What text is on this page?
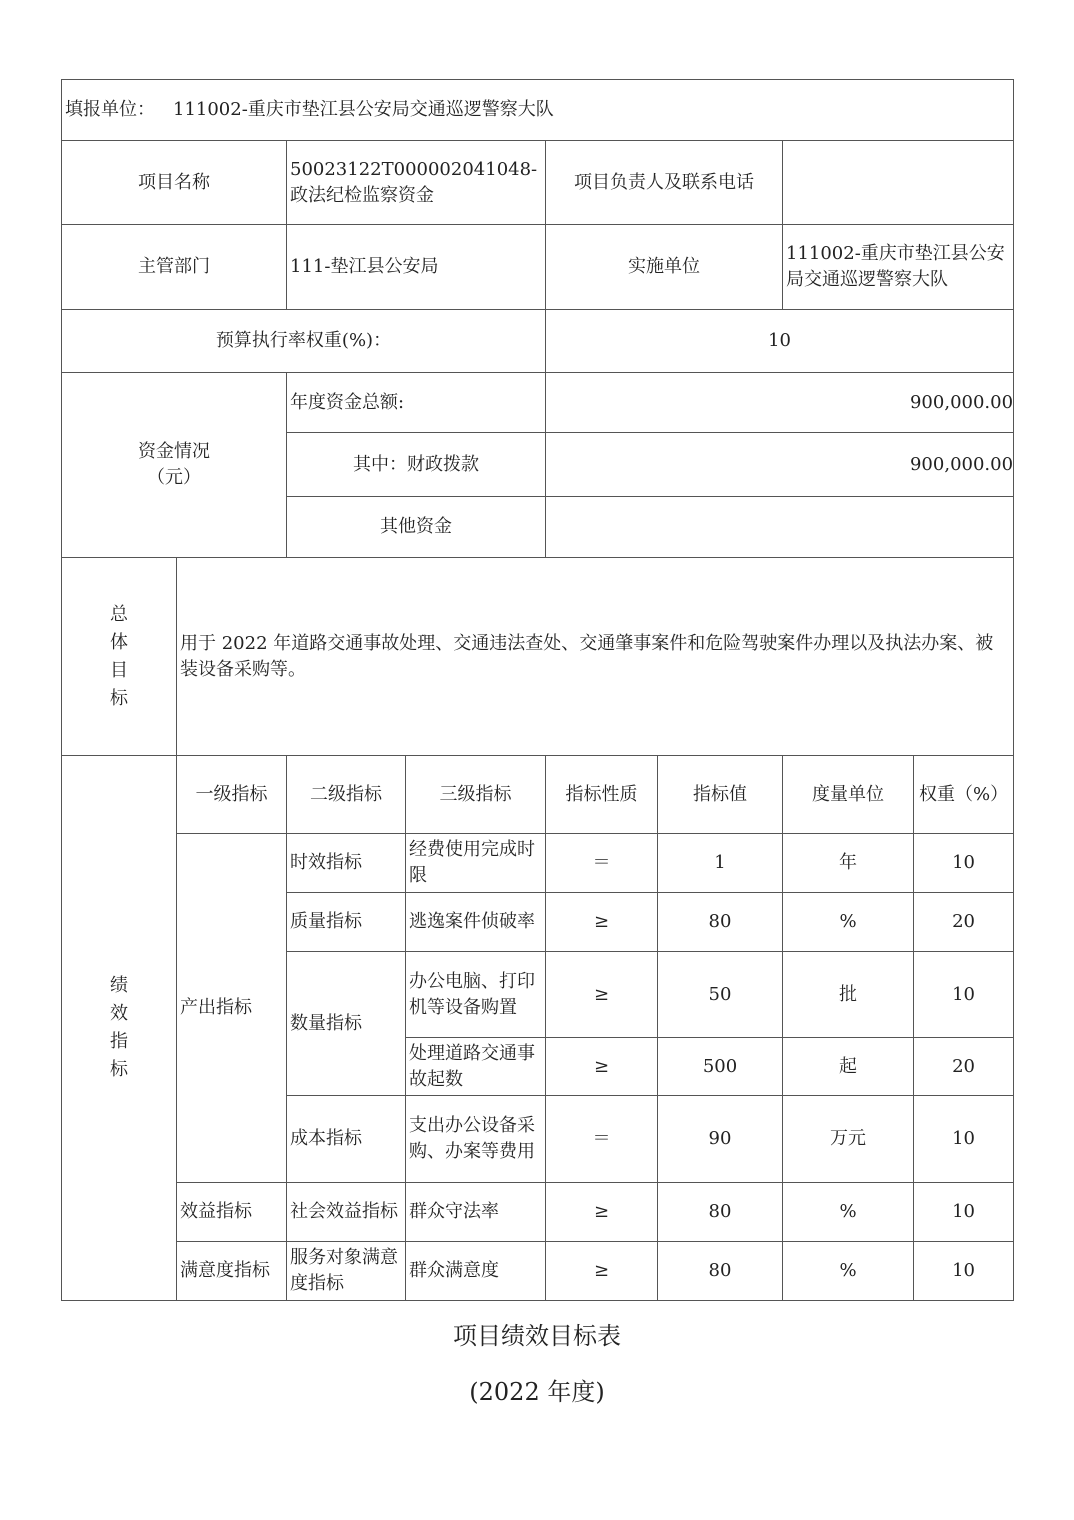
填报单位： 111002-重庆市垫江县公安局交通巡逻警察大队							
项目名称		50023122T000002041048-政法纪检监察资金		项目负责人及联系电话			
主管部门		111-垫江县公安局		实施单位		111002-重庆市垫江县公安局交通巡逻警察大队	
预算执行率权重(%)：				10			
资金情况
（元）		年度资金总额:		900,000.00			
		其中：财政拨款		900,000.00			
		其他资金					

总
体
目
标	用于 2022 年道路交通事故处理、交通违法查处、交通肇事案件和危险驾驶案件办理以及执法办案、被装设备采购等。						

绩
效
指
标	一级指标	二级指标	三级指标	指标性质	指标值	度量单位	权重（%）
	产出指标	时效指标	经费使用完成时限	＝	1	年	10
		质量指标	逃逸案件侦破率	≥	80	%	20
		数量指标	办公电脑、打印机等设备购置	≥	50	批	10
			处理道路交通事故起数	≥	500	起	20
		成本指标	支出办公设备采购、办案等费用	＝	90	万元	10
	效益指标	社会效益指标	群众守法率	≥	80	%	10
	满意度指标	服务对象满意度指标	群众满意度	≥	80	%	10
项目绩效目标表
(2022 年度)
